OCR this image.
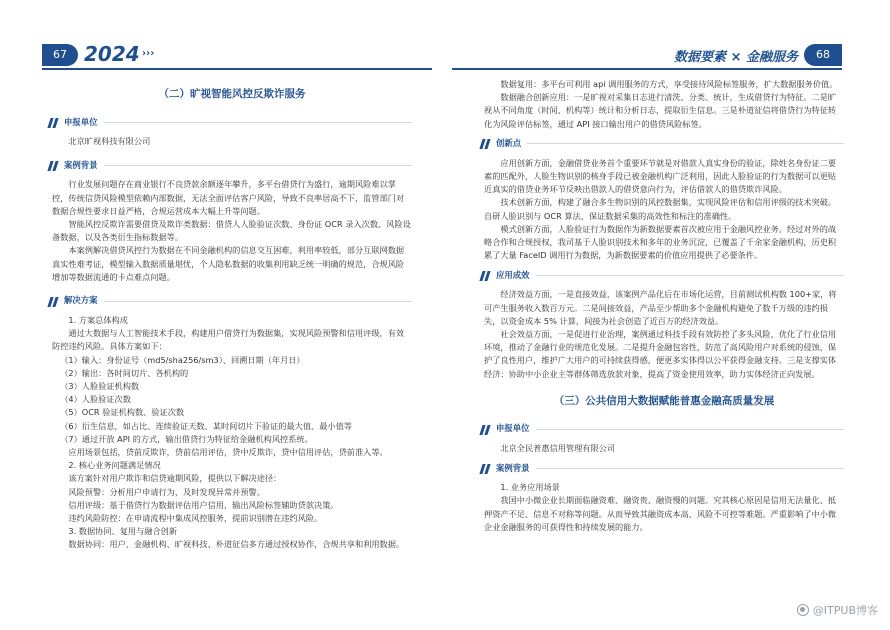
67 2024 ›››	数据要素 × 金融服务	68
（二）旷视智能风控反欺诈服务
申报单位
北京旷视科技有限公司
案例背景
行业发展问题存在商业银行不良贷款余额逐年攀升，多平台借贷行为盛行，逾期风险难以掌控，传统信贷风险模型依赖内部数据，无法全面评估客户风险，导致不良率居高不下，监管部门对数据合规性要求日益严格，合规运营成本大幅上升等问题。
智能风控反欺诈需要借贷及欺诈类数据：借贷人人脸验证次数、身份证 OCR 录入次数、风险设备数据，以及各类衍生指标数据等。
本案例解决借贷风控行为数据在不同金融机构的信息交互困难，利用率较低，部分互联网数据真实性难考证，模型输入数据质量堪忧，个人隐私数据的收集利用缺乏统一明确的规范，合规风险增加等数据流通的卡点难点问题。
解决方案
1. 方案总体构成
通过大数据与人工智能技术手段，构建用户借贷行为数据集，实现风险预警和信用评级，有效防控违约风险。具体方案如下：
（1）输入：身份证号（md5/sha256/sm3）、回溯日期（年月日）
（2）输出：各时间切片、各机构的
（3）人脸验证机构数
（4）人脸验证次数
（5）OCR 验证机构数、验证次数
（6）衍生信息，如占比、连续验证天数、某时间切片下验证的最大值、最小值等
（7）通过开放 API 的方式，输出借贷行为特征给金融机构风控系统。
应用场景包括，贷前反欺诈，贷前信用评估，贷中反欺诈，贷中信用评估，贷前准入等。
2. 核心业务问题满足情况
该方案针对用户欺诈和信贷逾期风险，提供以下解决途径：
风险预警：分析用户申请行为，及时发现异常并预警。
信用评级：基于借贷行为数据评估用户信用，输出风险标签辅助贷款决策。
违约风险防控：在申请流程中集成风控服务，提前识别潜在违约风险。
3. 数据协同、复用与融合创新
数据协同：用户、金融机构、旷视科技、朴道征信多方通过授权协作，合规共享和利用数据。
数据复用：多平台可利用 api 调用服务的方式，享受接待风险标签服务，扩大数据服务价值。
数据融合创新应用：一是旷视对采集日志进行清洗、分类、统计，生成借贷行为特征。二是旷视从不同角度（时间、机构等）统计和分析日志，提取衍生信息。三是朴道征信将借贷行为特征转化为风险评估标签，通过 API 接口输出用户的借贷风险标签。
创新点
应用创新方面，金融借贷业务首个重要环节就是对借款人真实身份的验证，除姓名身份证二要素的匹配外，人脸生物识别的核身手段已被金融机构广泛利用，因此人脸验证的行为数据可以更贴近真实的借贷业务环节反映出借款人的借贷意向行为，评估借款人的借贷欺诈风险。
技术创新方面，构建了融合多生物识别的风控数据集，实现风险评估和信用评级的技术突破。自研人脸识别与 OCR 算法，保证数据采集的高效性和标注的准确性。
模式创新方面，人脸验证行为数据作为新数据要素首次被应用于金融风控业务。经过对外的战略合作和合规授权，我司基于人脸识别技术和多年的业务沉淀，已覆盖了千余家金融机构，历史积累了大量 FaceID 调用行为数据，为新数据要素的价值应用提供了必要条件。
应用成效
经济效益方面，一是直接效益，该案例产品化后在市场化运营，目前测试机构数 100+家，将可产生服务收入数百万元。二是间接效益，产品至少帮助多个金融机构避免了数千万级的违约损失，以资金成本 5% 计算，间接为社会创造了近百万的经济效益。
社会效益方面，一是促进行业治理，案例通过科技手段有效防控了多头风险，优化了行业信用环境，推动了金融行业的规范化发展。二是提升金融包容性，防范了高风险用户对系统的侵蚀，保护了良性用户，维护广大用户的可持续获得感，便更多实体得以公平获得金融支持。三是支撑实体经济：协助中小企业主等群体筛选放款对象，提高了资金使用效率，助力实体经济正向发展。
（三）公共信用大数据赋能普惠金融高质量发展
申报单位
北京全民普惠信用管理有限公司
案例背景
1. 业务应用场景
我国中小微企业长期面临融资难、融资贵、融资慢的问题。究其核心原因是信用无法量化、抵押资产不足、信息不对称等问题。从而导致其融资成本高、风险不可控等难题。严重影响了中小微企业金融服务的可获得性和持续发展的能力。
@ITPUB博客
